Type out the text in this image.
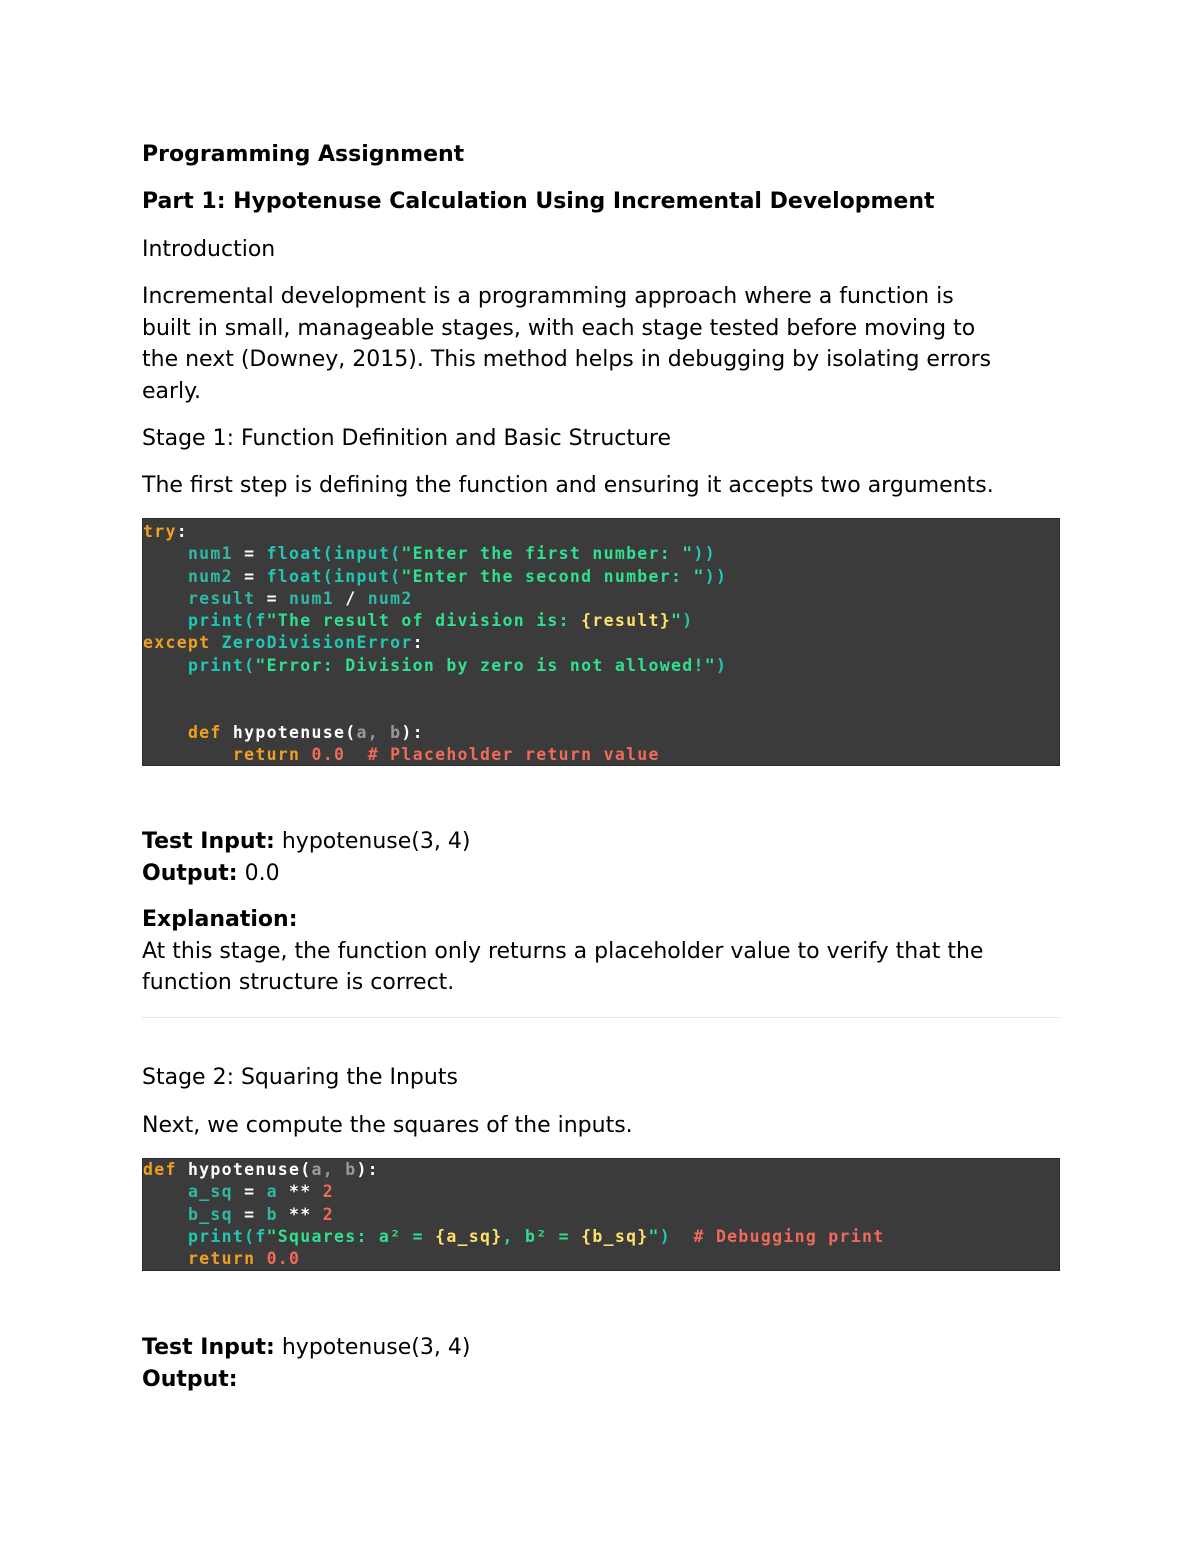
Programming Assignment

Part 1: Hypotenuse Calculation Using Incremental Development

Introduction

Incremental development is a programming approach where a function is

built in small, manageable stages, with each stage tested before moving to

the next (Downey, 2015). This method helps in debugging by isolating errors

early.

Stage 1: Function Definition and Basic Structure

The first step is defining the function and ensuring it accepts two arguments.

try:
num1 = float(input("Enter the first number: "))
num2 = float(input("Enter the second number: "))
result = num1 / num2
print(f"The result of division is: {result}")
except ZeroDivisionError:
print("Error: Division by zero is not allowed!")

def hypotenuse(a, b):
return 0.0 # Placeholder return value

Test Input: hypotenuse(3, 4)

Output: 0.0

Explanation:

At this stage, the function only returns a placeholder value to verify that the

function structure is correct.

Stage 2: Squaring the Inputs

Next, we compute the squares of the inputs.

def hypotenuse(a, b):
a_sq = a ** 2
b_sq = b ** 2
print(f"Squares: a² = {a_sq}, b² = {b_sq}") # Debugging print
return 0.0

Test Input: hypotenuse(3, 4)

Output:
